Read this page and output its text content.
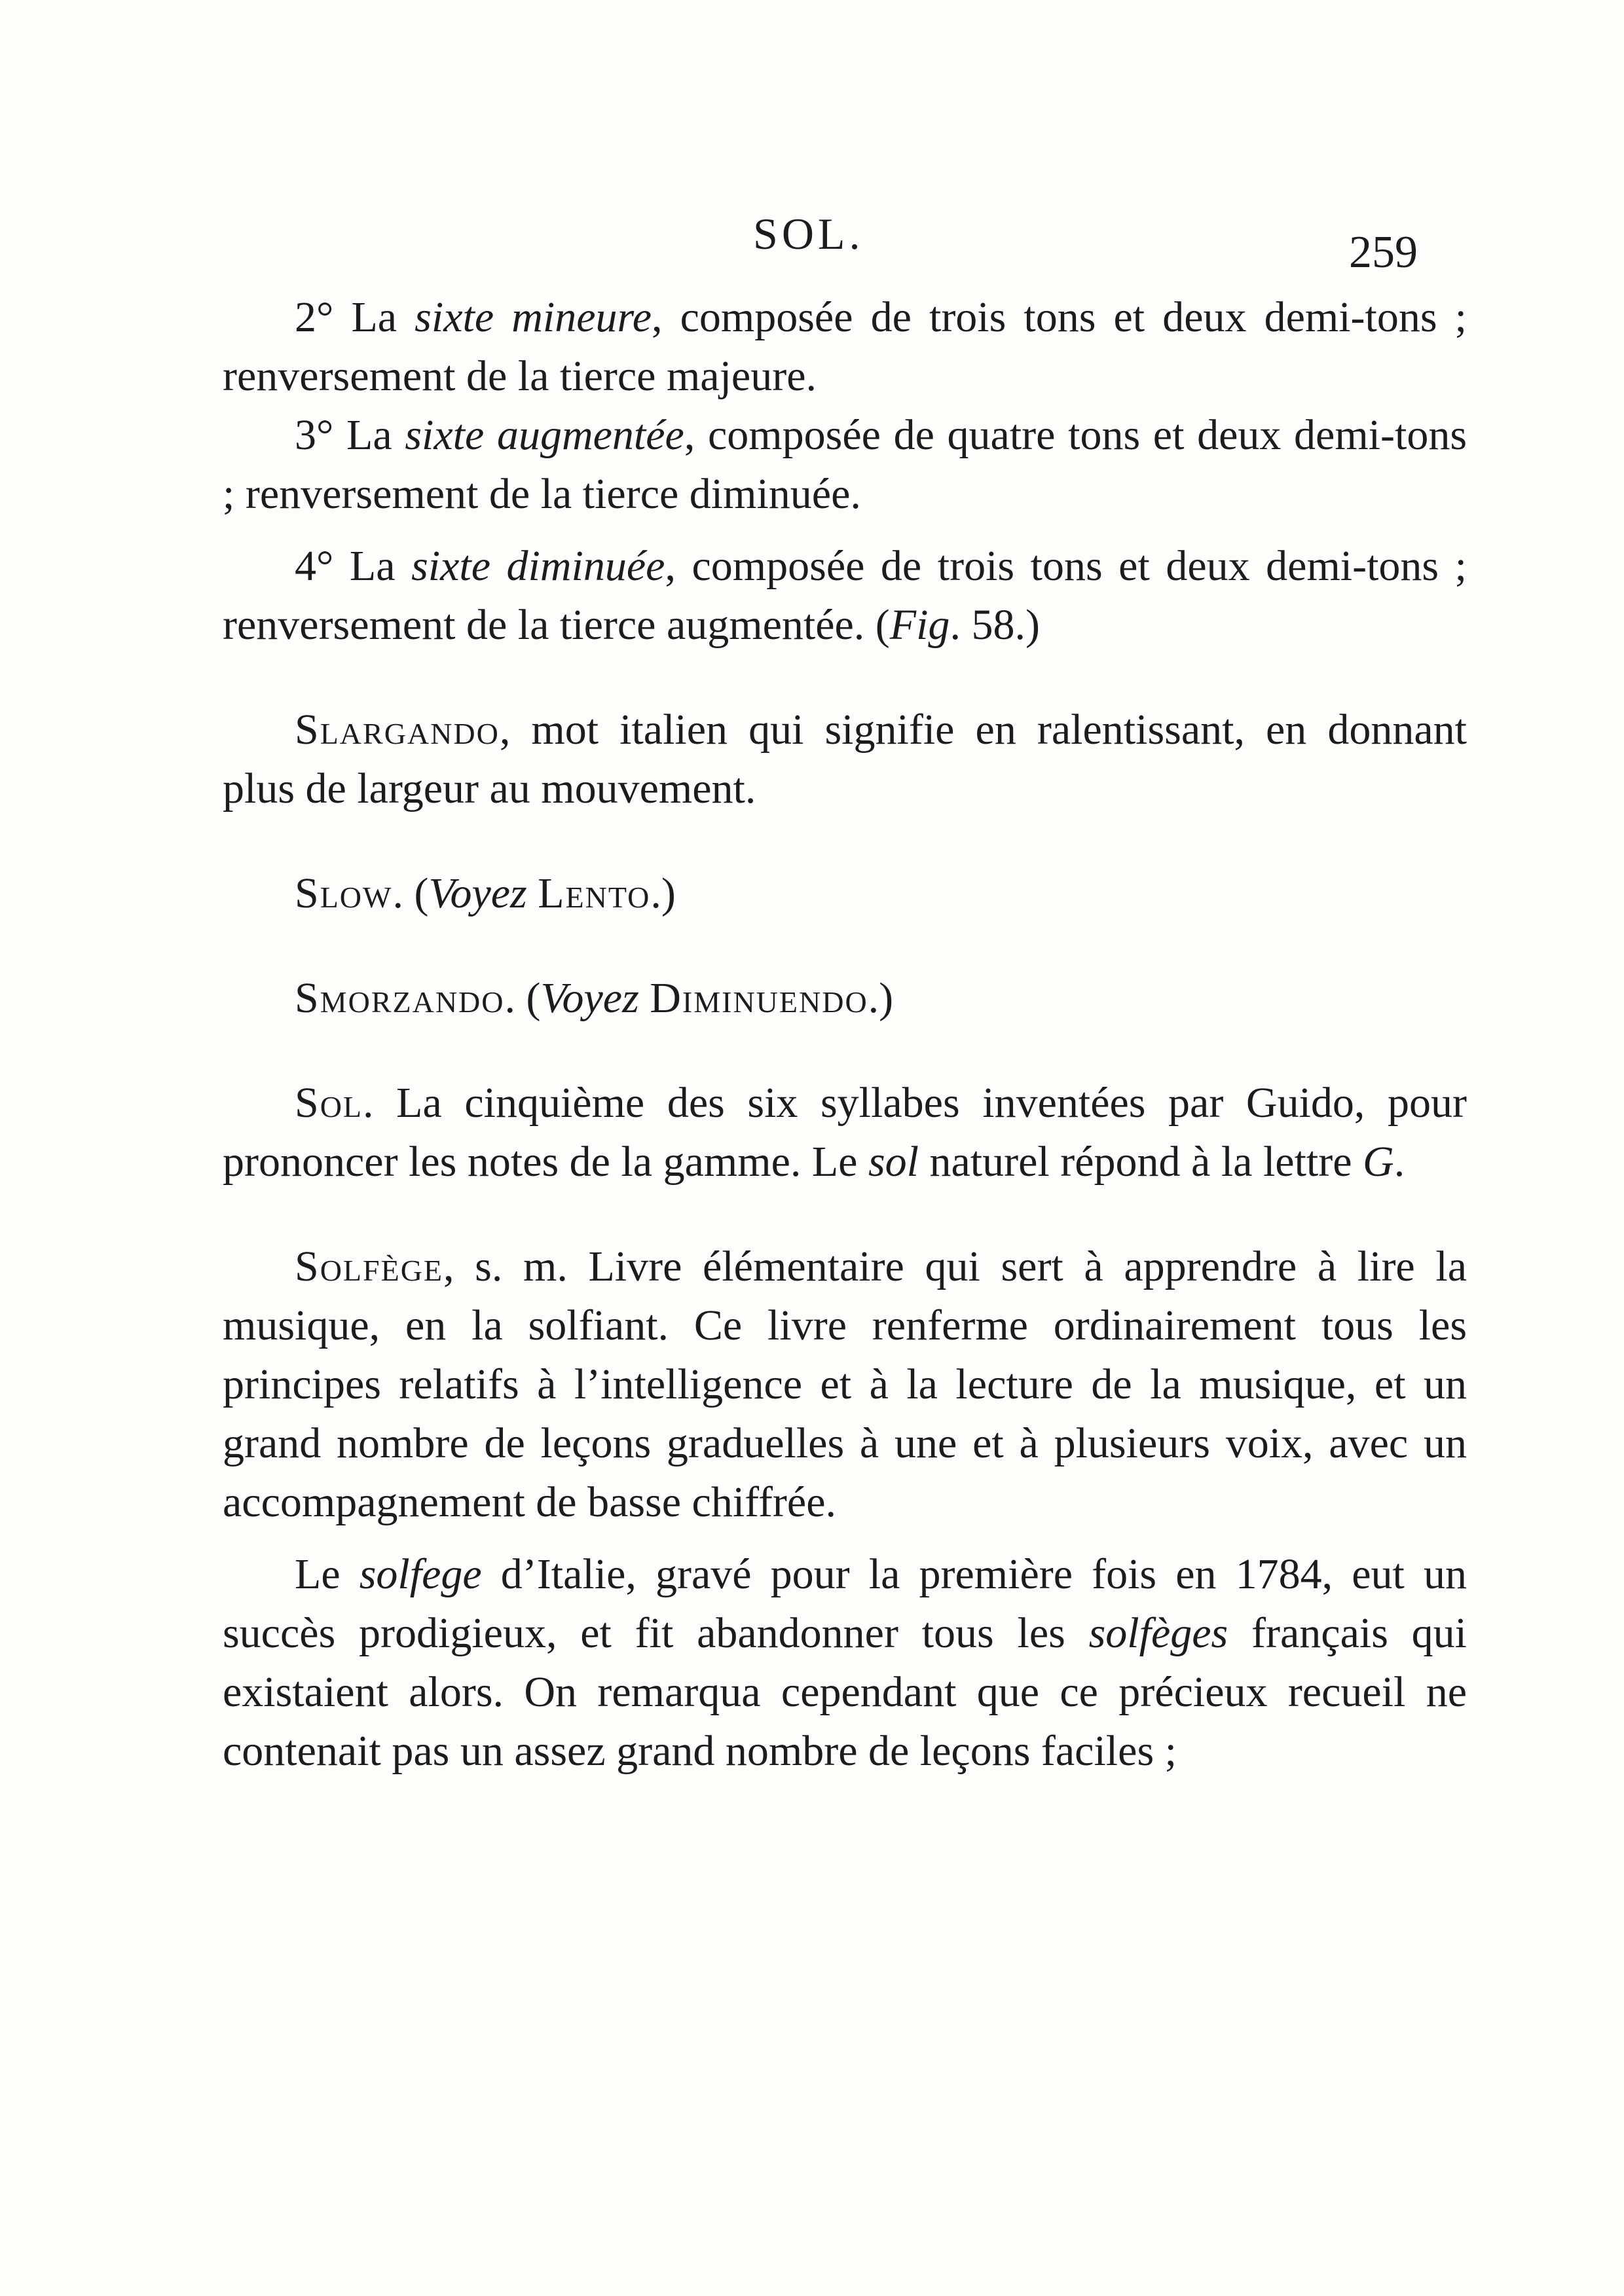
SOL.	259

2° La sixte mineure, composée de trois tons et deux demi-tons ; renversement de la tierce majeure.

3° La sixte augmentée, composée de quatre tons et deux demi-tons ; renversement de la tierce diminuée.

4° La sixte diminuée, composée de trois tons et deux demi-tons ; renversement de la tierce augmentée. (Fig. 58.)

Slargando, mot italien qui signifie en ralentissant, en donnant plus de largeur au mouvement.

Slow. (Voyez Lento.)

Smorzando. (Voyez Diminuendo.)

Sol. La cinquième des six syllabes inventées par Guido, pour prononcer les notes de la gamme. Le sol naturel répond à la lettre G.

Solfège, s. m. Livre élémentaire qui sert à apprendre à lire la musique, en la solfiant. Ce livre renferme ordinairement tous les principes relatifs à l’intelligence et à la lecture de la musique, et un grand nombre de leçons graduelles à une et à plusieurs voix, avec un accompagnement de basse chiffrée.

Le solfege d’Italie, gravé pour la première fois en 1784, eut un succès prodigieux, et fit abandonner tous les solfèges français qui existaient alors. On remarqua cependant que ce précieux recueil ne contenait pas un assez grand nombre de leçons faciles ;
